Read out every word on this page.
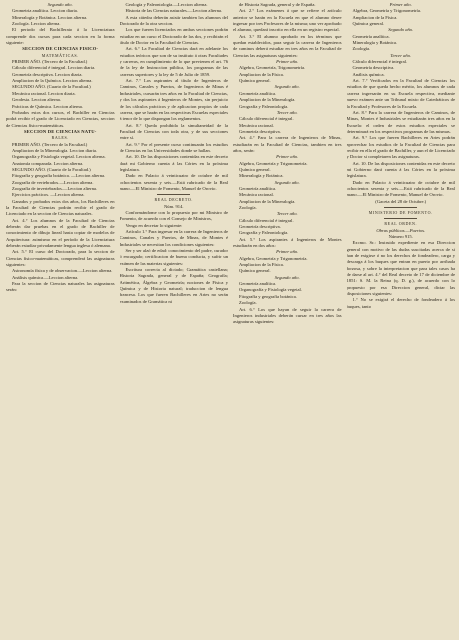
Segundo año.

Geometria analítica. Leccion diaria.

Mineralogía y Botánica. Leccion alterna.

Zoología. Leccion alterna.

El periodo del Bachillerato á la Licenciatura comprende dos cursos para cada seccion en la forma siguiente:

SECCION DE CIENCIAS FISICO-

MATEMÁTICAS.

PRIMER AÑO. (Tercero de la Facultad.)

Cálculo diferencial é integral. Leccion diaria.

Geometría descriptiva. Leccion diaria.

Ampliacion de la Química. Leccion alterna.

SEGUNDO AÑO. (Cuarto de la Facultad.)

Mecánica racional. Leccion diaria.

Geodesia. Leccion alterna.

Prácticas de Química. Leccion alterna.

Probados estos dos cursos, el Bachiller en Ciencias podrá recibir el grado de Licenciado en Ciencias, seccion de Ciencias físico-matemáticas.

SECCION DE CIENCIAS NATU-

RALES.

PRIMER AÑO. (Tercero de la Facultad.)

Ampliacion de la Mineralogía. Leccion diaria.

Organografía y Fisiología vegetal. Leccion alterna.

Anatomía comparada. Leccion alterna.

SEGUNDO AÑO. (Cuarto de la Facultad.)

Fitografía y geografía botánica. —Leccion alterna.

Zoografía de vertebrados.—Leccion alterna.

Zoografía de invertebrados.—Leccion alterna.

Ejercicios prácticos. —Leccion alterna.

Ganados y probados estos dos años, los Bachilleres en la Facultad de Ciencias podrán recibir el grado de Licenciado en la seccion de Ciencias naturales.

Art. 4.° Los alumnos de la Facultad de Ciencias deberán dar pruebas en el grado de Bachiller de conocimiento de dibujo lineal hasta copiar de modelos de Arquitectura: asimismo en el período de la Licenciatura deberán estudiar privadamente lengua inglesa ó alemana.

Art. 5.° El curso del Doctorado, para la seccion de Ciencias fisico-matemáticas, comprenderá las asignaturas siguientes:

Astronomía física y de observacion.—Leccion alterna.

Análisis química.—Leccion alterna.

Para la seccion de Ciencias naturales las asignaturas serán:

Geología y Paleontología.—Leccion alterna.

Historia de las Ciencias naturales.—Leccion alterna.

A esta cátedra deberán asistir tambien los alumnos del Doctorado de la otra seccion.

Los que fueren licenciados en ambas secciones podrán estudiar en un curso el Doctorado de las dos, y recibirán el título de Doctor en la Facultad de Ciencias.

Art. 6.° La Facultad de Ciencias dará en adelante los estudios teóricos que son de su instituto á otras Facultades y carreras, en cumplimiento de lo que previenen el art. 76 de la ley de Instruccion pública, los programas de las carreras superiores y la ley de 5 de Julio de 1859.

Art. 7.° Los aspirantes al título de Ingenieros de Caminos, Canales y Puertos, de Ingenieros de Minas é Industriales, cursarán tres años en la Facultad de Ciencias, y dos los aspirantes á Ingenieros de Montes, sin perjuicio de los cálculos prácticos y de aplicacion propios de cada carrera, que se harán en las respectivas Escuelas especiales á tenor de lo que dispongan los reglamentos.

Art. 8.° Queda prohibida la simultaneidad de la Facultad de Ciencias con toda otra, y de sus secciones entre sí.

Art. 9.° Por el presente curso continuarán los estudios de Ciencias en las Universidades donde se hallan.

Art. 10. De las disposiciones contenidas en este decreto dará mi Gobierno cuenta á las Córtes en la próxima legislatura.

Dado en Palacio á veinticuatro de octubre de mil ochocientos sesenta y seis.—Está rubricado de la Real mano.—El Ministro de Fomento, Manuel de Orovio.

REAL DECRETO.

Núm. 914.

Conformándome con lo propuesto por mi Ministro de Fomento, de acuerdo con el Consejo de Ministros,

Vengo en decretar lo siguiente:

Artículo 1.° Para ingresar en la carrera de Ingenieros de Caminos, Canales y Puertos, de Minas, de Montes é Industriales se necesitan los condiciones siguientes:

Ser y ser alzó de edad: conocimiento del padre, curador ó encargado; certificacion de buena conducta, y sufrir un exámen de las materias siguientes:

Escritura correcta al dictado; Gramática castellana; Historia Sagrada, general y de España; Geografía; Aritmética, Álgebra y Geometría; nociones de Física y Química y de Historia natural; traduccion de lengua francesa. Los que fueren Bachilleres en Artes no serán examinados de Gramática ni

de Historia Sagrada, general y de España.

Art. 2.° Los exámenes á que se refiere el artículo anterior se harán en la Escuela en que el alumno desee ingresar por tres Profesores de la misma; uno ver aprobado el alumno, quedará inscrito en ella en un registro especial.

Art. 3.° El alumno aprobado en los términos que quedan establecidos, para seguir la carrera de Ingenieros de caminos deberá estudiar en tres años en la Facultad de Ciencias las asignaturas siguientes:

Primer año.

Algebra, Geometría, Trigonometría.

Ampliacion de la Física.

Química general.

Segundo año.

Geometría analítica.

Ampliacion de la Mineralogía.

Geografía y Paleontología.

Tercer año.

Cálculo diferencial é integral.

Mecánica racional.

Geometría descriptiva.

Art. 4.° Para la carrera de Ingenieros de Minas, estudiarán en la Facultad de Ciencias, tambien en tres años, serán:

Primer año.

Algebra, Geometría y Trigonometría.

Química general.

Mineralogía y Botánica.

Segundo año.

Geometría analítica.

Mecánica racional.

Ampliacion de la Mineralogía.

Zoología.

Tercer año.

Cálculo diferencial é integral.

Geometría descriptiva.

Geografía y Paleontología.

Art. 5.° Los aspirantes á Ingenieros de Montes estudiarán en dos años:

Primer año.

Algebra, Geometría y Trigonometría.

Ampliacion de la Física.

Química general.

Segundo año.

Geometría analítica.

Organografía y Fisiología vegetal.

Fitografía y geografía botánica.

Zoología.

Art. 6.° Los que hayan de seguir la carrera de Ingenieros industriales deberán cursar en tres años las asignaturas siguientes:

Primer año.

Algebra, Geometría y Trigonometría.

Ampliacion de la Física.

Química general.

Segundo año.

Geometría analítica.

Mineralogía y Botánica.

Zoología.

Tercer año.

Cálculo diferencial é integral.

Geometría descriptiva.

Análisis química.

Art. 7.° Verificados en la Facultad de Ciencias los estudios de que queda hecho mérito, los alumnos de cada carrera ingresarán en su Escuela respectiva, mediante nuevo exámen ante un Tribunal mixto de Catedráticos de la Facultad y Profesores de la Escuela.

Art. 8.° Para la carrera de Ingenieros de Caminos, de Minas, Montes é Industriales se estudiarán tres años en la Escuela: el orden de estos estudios especiales se determinará en los respectivos programas de las mismas.

Art. 9.° Los que fueren Bachilleres en Artes podrán aprovechar los estudios de la Facultad de Ciencias para recibir en ella el grado de Bachiller, y aun el de Licenciado y Doctor si completaren las asignaturas.

Art. 10. De las disposiciones contenidas en este decreto mi Gobierno dará cuenta á las Córtes en la próxima legislatura.

Dado en Palacio á veinticuatro de octubre de mil ochocientos sesenta y seis.—Está rubricado de la Real mano.—El Ministro de Fomento, Manuel de Orovio.

(Gaceta del 28 de Octubre.)

MINISTERIO DE FOMENTO.

REAL ORDEN.

Obras públicas.—Puertos.

Número 915.

Excmo. Sr.: Instruido expediente en esa Direccion general con motivo de las dudas suscitadas acerca de si han de exigirse ó no los derechos de fondeadero, carga y descarga á los buques que entran en puerto por arribada forzosa, y sobre la interpretacion que para tales casos ha de darse al art. 4.° del Real decreto de 17 de diciembre de 1851: S. M. la Reina (q. D. g.), de acuerdo con lo propuesto por esa Direccion general, dictar las disposiciones siguientes:

1.° No se exigirá el derecho de fondeadero á los buques, tanto
